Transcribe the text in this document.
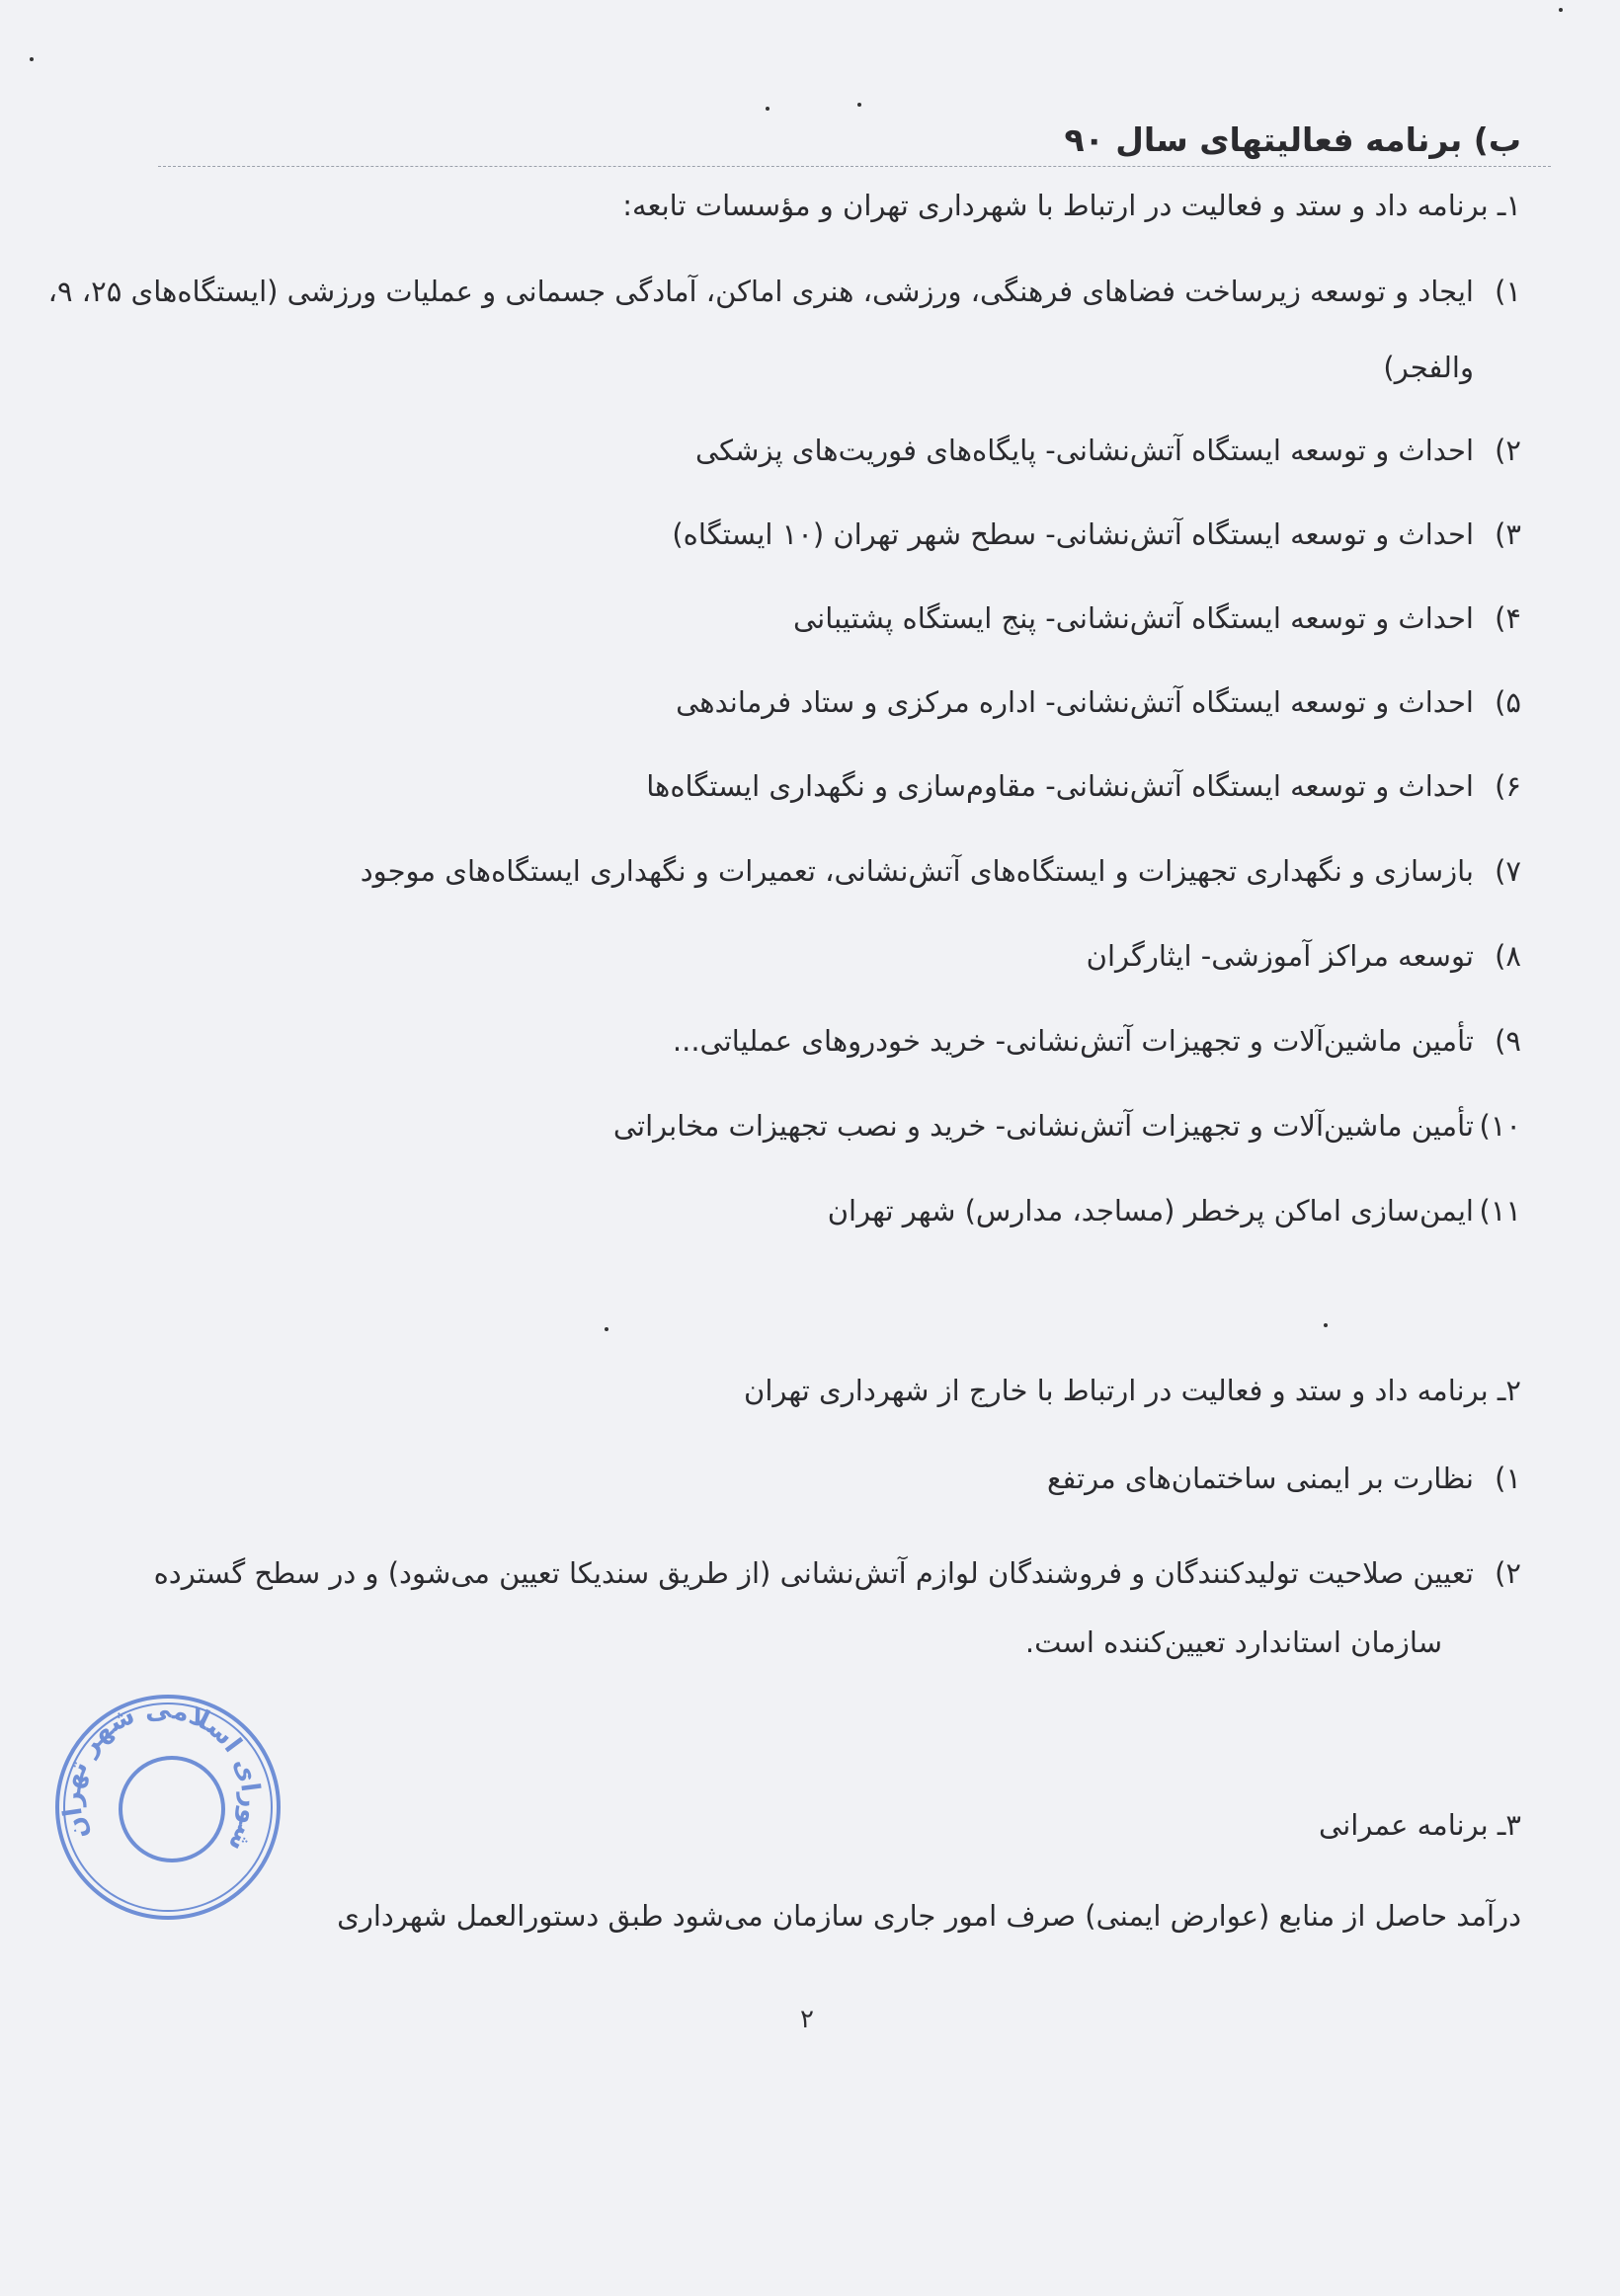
ب) برنامه فعالیتهای سال ۹۰

۱ـ برنامه داد و ستد و فعالیت در ارتباط با شهرداری تهران و مؤسسات تابعه:

۱)
ایجاد و توسعه زیرساخت فضاهای فرهنگی، ورزشی، هنری اماکن، آمادگی جسمانی و عملیات ورزشی (ایستگاه‌های ۲۵، ۹،

والفجر)

۲)
احداث و توسعه ایستگاه آتش‌نشانی- پایگاه‌های فوریت‌های پزشکی
۳)
احداث و توسعه ایستگاه آتش‌نشانی- سطح شهر تهران (۱۰ ایستگاه)
۴)
احداث و توسعه ایستگاه آتش‌نشانی- پنج ایستگاه پشتیبانی
۵)
احداث و توسعه ایستگاه آتش‌نشانی- اداره مرکزی و ستاد فرماندهی
۶)
احداث و توسعه ایستگاه آتش‌نشانی- مقاوم‌سازی و نگهداری ایستگاه‌ها
۷)
بازسازی و نگهداری تجهیزات و ایستگاه‌های آتش‌نشانی، تعمیرات و نگهداری ایستگاه‌های موجود
۸)
توسعه مراکز آموزشی- ایثارگران
۹)
تأمین ماشین‌آلات و تجهیزات آتش‌نشانی- خرید خودروهای عملیاتی...
۱۰)
تأمین ماشین‌آلات و تجهیزات آتش‌نشانی- خرید و نصب تجهیزات مخابراتی
۱۱)
ایمن‌سازی اماکن پرخطر (مساجد، مدارس) شهر تهران

۲ـ برنامه داد و ستد و فعالیت در ارتباط با خارج از شهرداری تهران

۱)
نظارت بر ایمنی ساختمان‌های مرتفع
۲)
تعیین صلاحیت تولیدکنندگان و فروشندگان لوازم آتش‌نشانی (از طریق سندیکا تعیین می‌شود) و در سطح گسترده

سازمان استاندارد تعیین‌کننده است.

۳ـ برنامه عمرانی

درآمد حاصل از منابع (عوارض ایمنی) صرف امور جاری سازمان می‌شود طبق دستورالعمل شهرداری

۲

شورای اسلامی شهر تهران
